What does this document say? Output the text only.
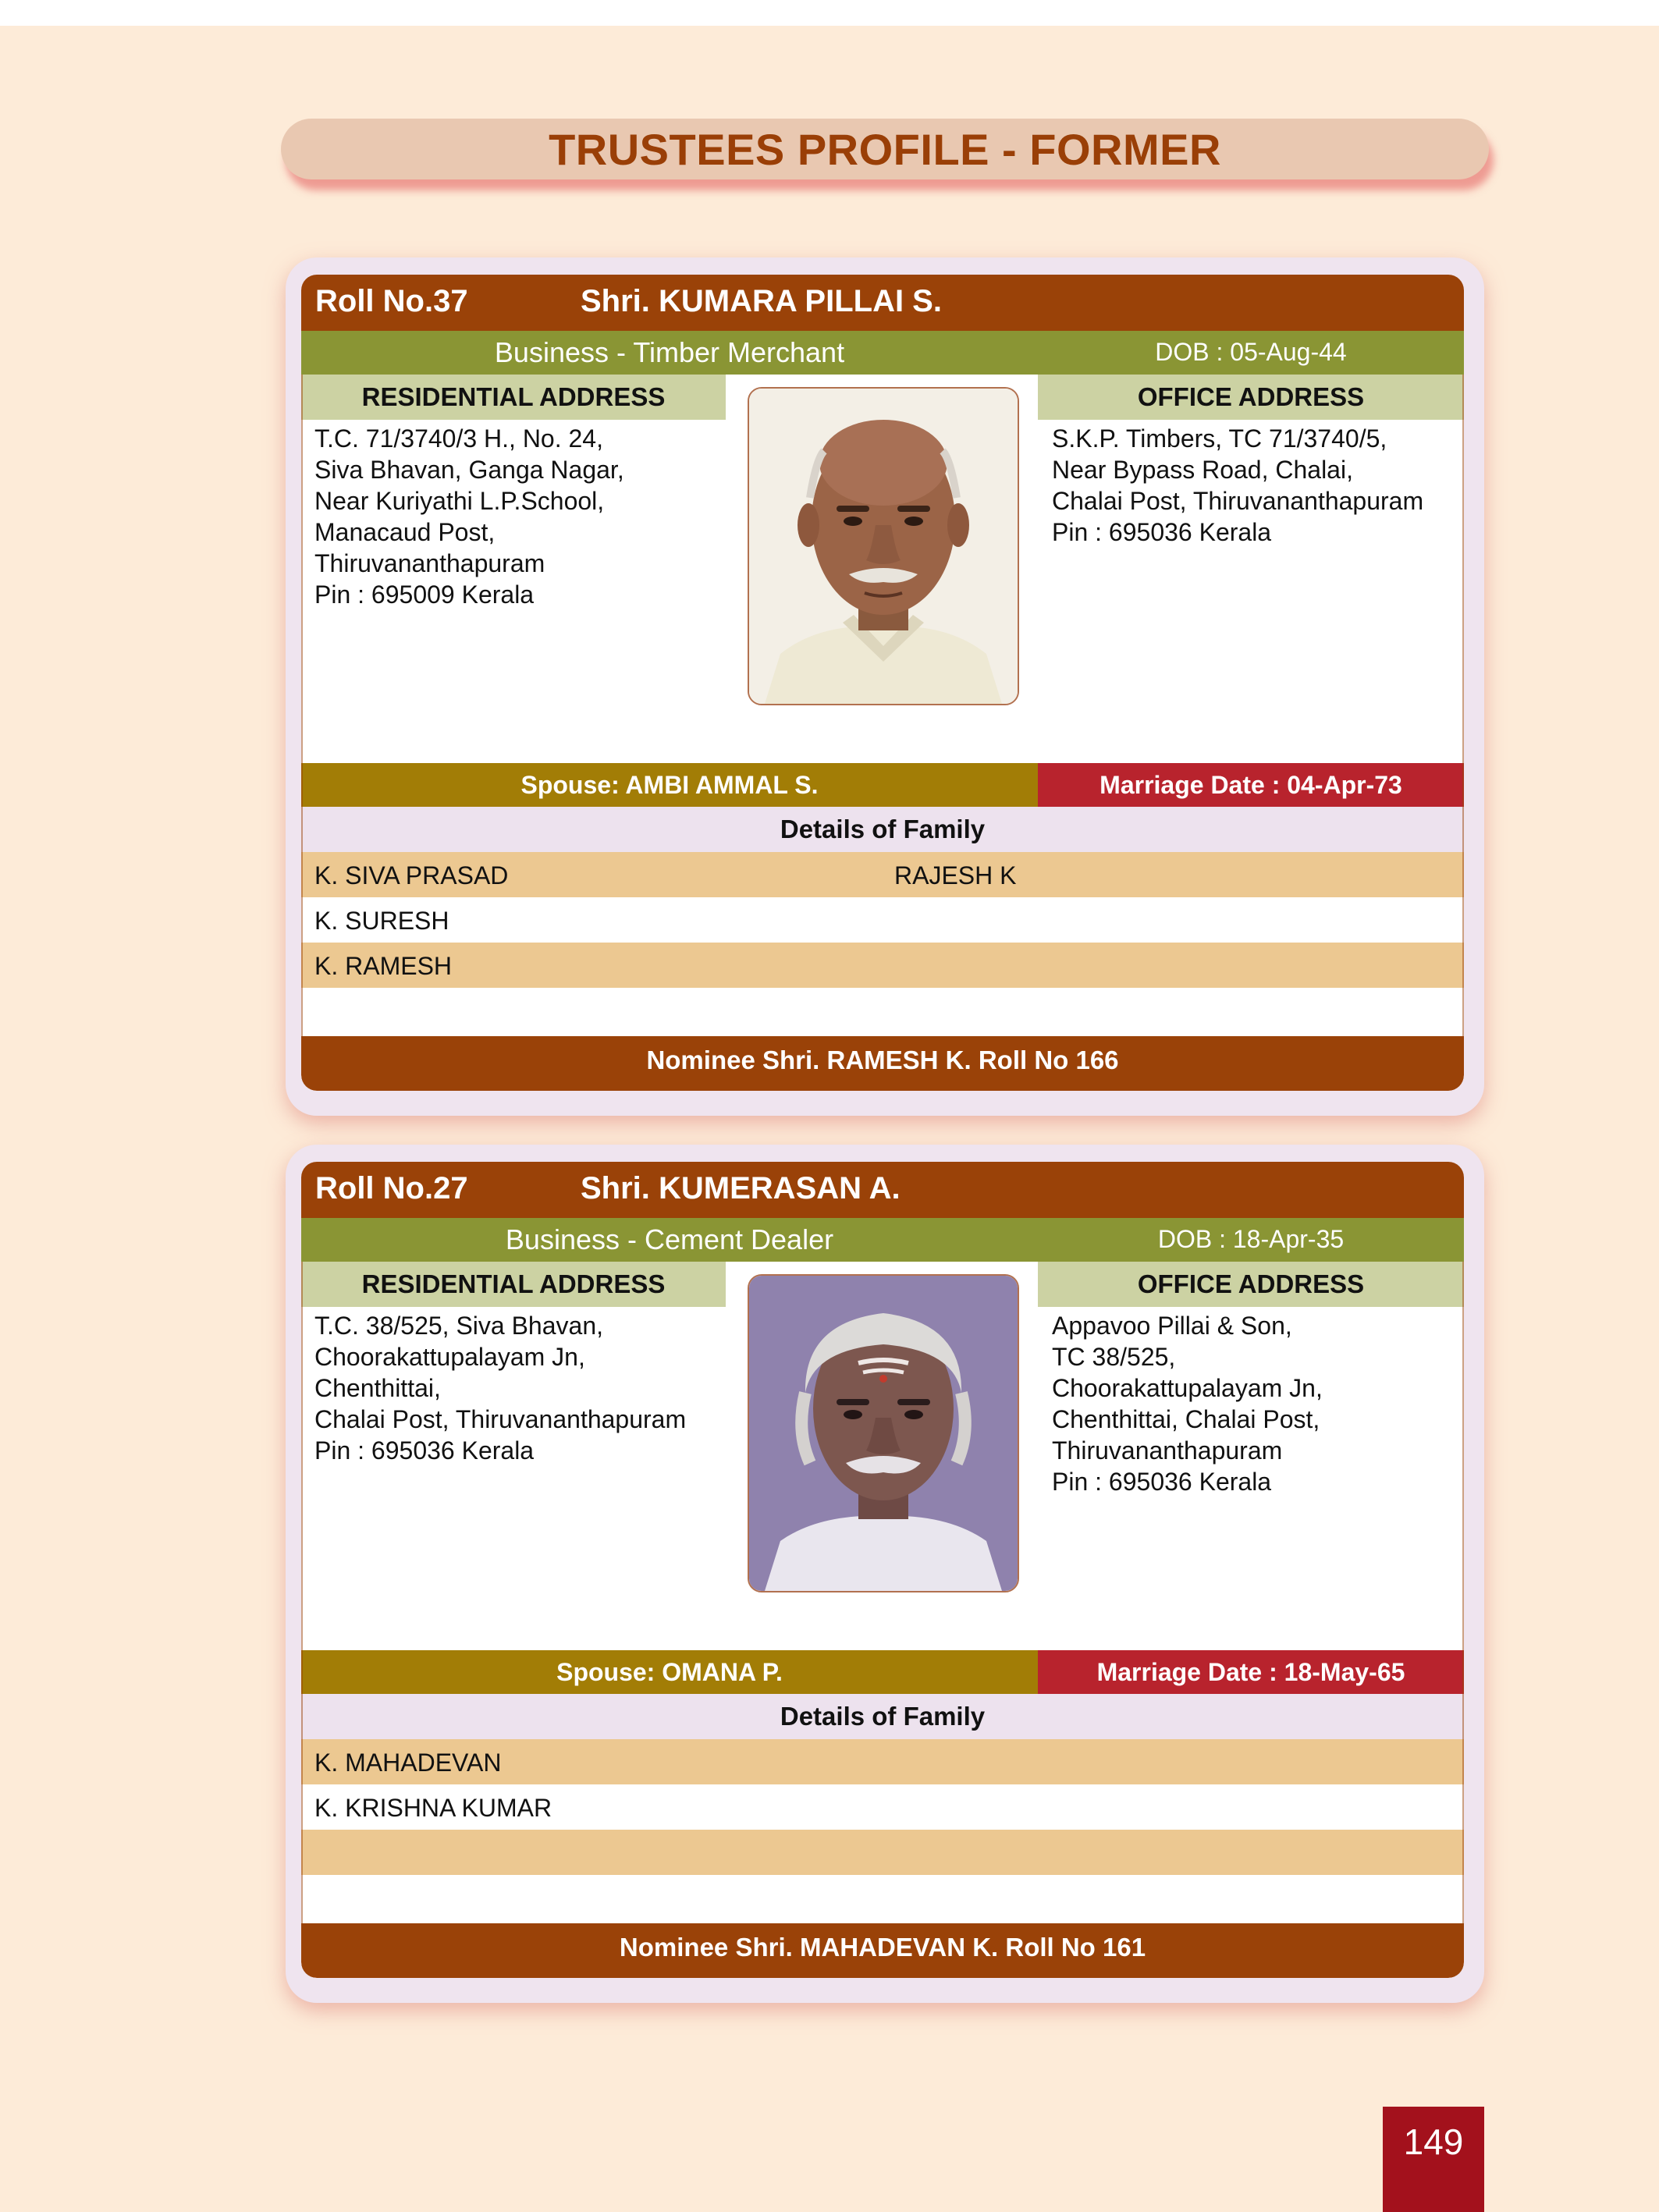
TRUSTEES PROFILE - FORMER
Roll No.37	Shri. KUMARA PILLAI S.
Business - Timber Merchant	DOB : 05-Aug-44
RESIDENTIAL ADDRESS	OFFICE ADDRESS
T.C. 71/3740/3 H., No. 24,
Siva Bhavan, Ganga Nagar,
Near Kuriyathi L.P.School,
Manacaud Post,
Thiruvananthapuram
Pin : 695009 Kerala
S.K.P. Timbers, TC 71/3740/5,
Near Bypass Road, Chalai,
Chalai Post, Thiruvananthapuram
Pin : 695036 Kerala
Spouse: AMBI AMMAL S.	Marriage Date : 04-Apr-73
Details of Family
K. SIVA PRASAD	RAJESH K
K. SURESH
K. RAMESH
Nominee Shri. RAMESH K. Roll No 166
Roll No.27	Shri. KUMERASAN A.
Business - Cement Dealer	DOB : 18-Apr-35
RESIDENTIAL ADDRESS	OFFICE ADDRESS
T.C. 38/525, Siva Bhavan,
Choorakattupalayam Jn,
Chenthittai,
Chalai Post, Thiruvananthapuram
Pin : 695036 Kerala
Appavoo Pillai & Son,
TC 38/525,
Choorakattupalayam Jn,
Chenthittai, Chalai Post,
Thiruvananthapuram
Pin : 695036 Kerala
Spouse: OMANA P.	Marriage Date : 18-May-65
Details of Family
K. MAHADEVAN
K. KRISHNA KUMAR
Nominee Shri. MAHADEVAN K. Roll No 161
149
